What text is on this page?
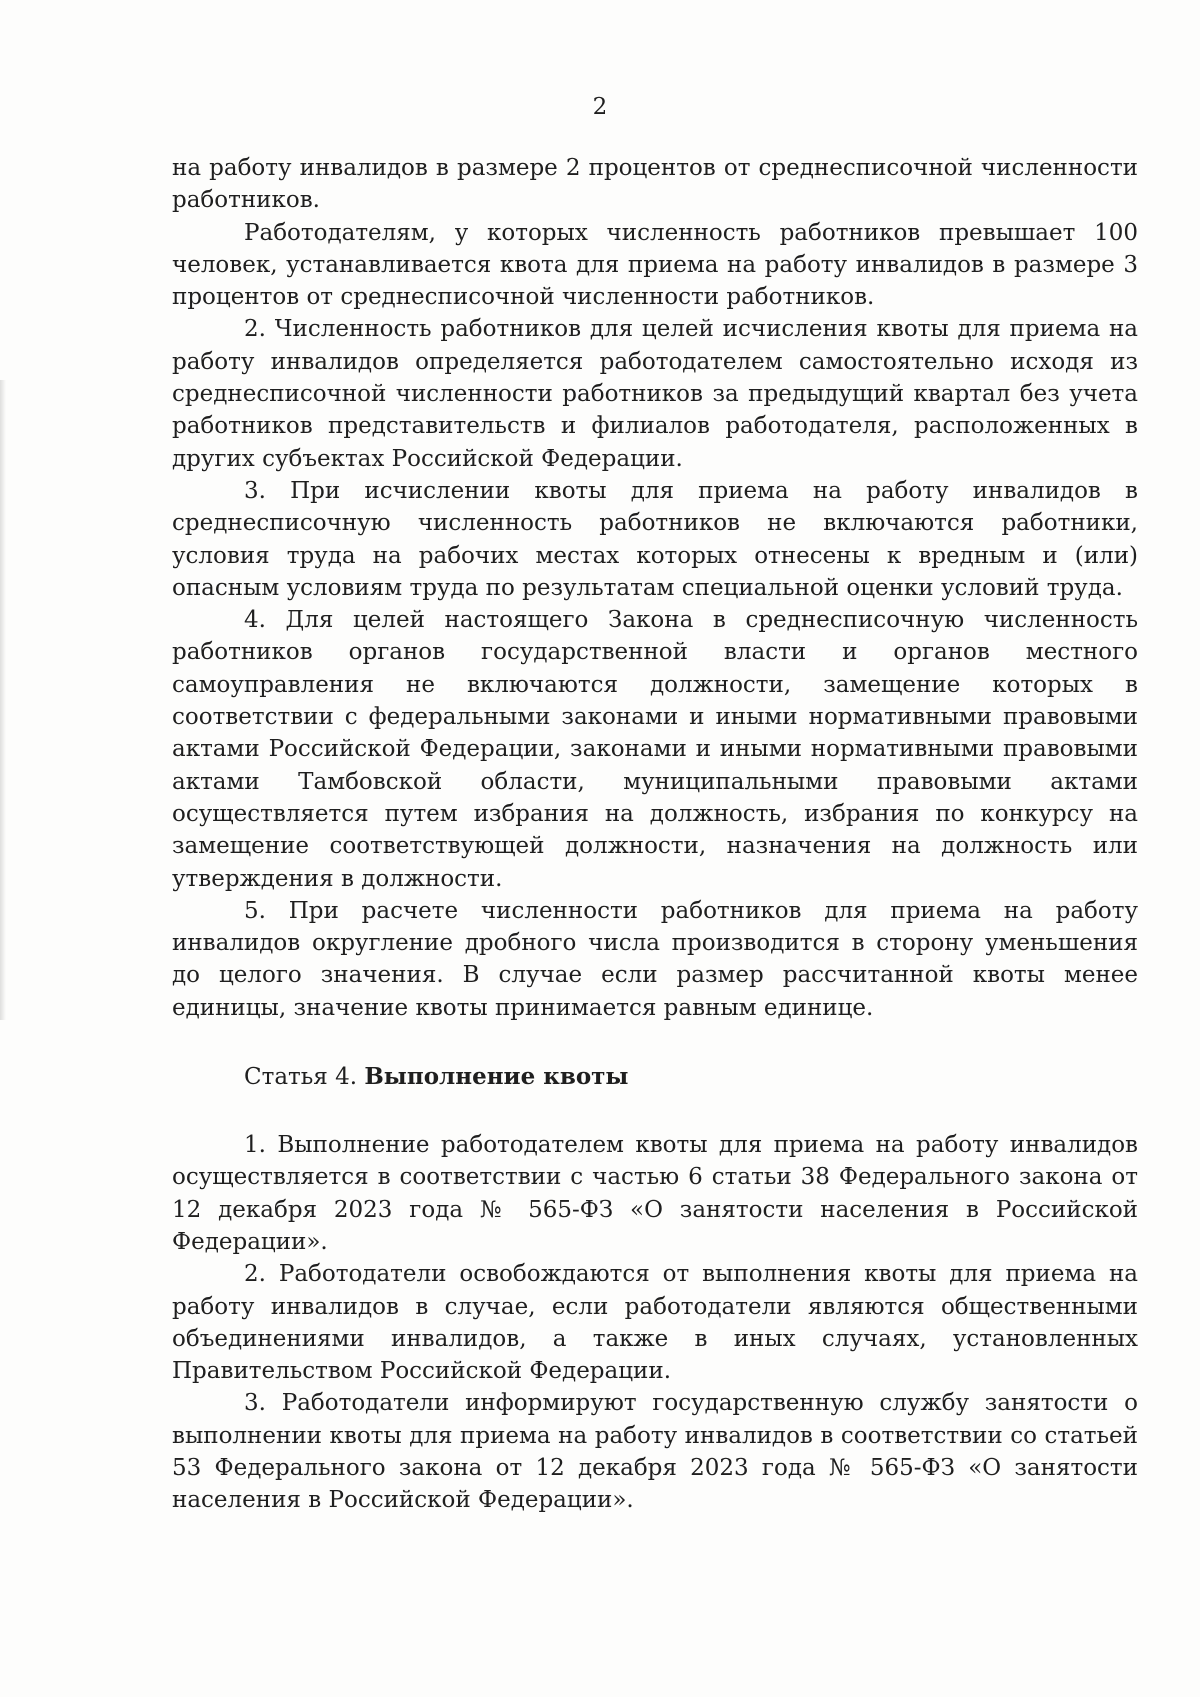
2

на работу инвалидов в размере 2 процентов от среднесписочной численности работников.

Работодателям, у которых численность работников превышает 100 человек, устанавливается квота для приема на работу инвалидов в размере 3 процентов от среднесписочной численности работников.

2. Численность работников для целей исчисления квоты для приема на работу инвалидов определяется работодателем самостоятельно исходя из среднесписочной численности работников за предыдущий квартал без учета работников представительств и филиалов работодателя, расположенных в других субъектах Российской Федерации.

3. При исчислении квоты для приема на работу инвалидов в среднесписочную численность работников не включаются работники, условия труда на рабочих местах которых отнесены к вредным и (или) опасным условиям труда по результатам специальной оценки условий труда.

4. Для целей настоящего Закона в среднесписочную численность работников органов государственной власти и органов местного самоуправления не включаются должности, замещение которых в соответствии с федеральными законами и иными нормативными правовыми актами Российской Федерации, законами и иными нормативными правовыми актами Тамбовской области, муниципальными правовыми актами осуществляется путем избрания на должность, избрания по конкурсу на замещение соответствующей должности, назначения на должность или утверждения в должности.

5. При расчете численности работников для приема на работу инвалидов округление дробного числа производится в сторону уменьшения до целого значения. В случае если размер рассчитанной квоты менее единицы, значение квоты принимается равным единице.

Статья 4. Выполнение квоты

1. Выполнение работодателем квоты для приема на работу инвалидов осуществляется в соответствии с частью 6 статьи 38 Федерального закона от 12 декабря 2023 года № 565-ФЗ «О занятости населения в Российской Федерации».

2. Работодатели освобождаются от выполнения квоты для приема на работу инвалидов в случае, если работодатели являются общественными объединениями инвалидов, а также в иных случаях, установленных Правительством Российской Федерации.

3. Работодатели информируют государственную службу занятости о выполнении квоты для приема на работу инвалидов в соответствии со статьей 53 Федерального закона от 12 декабря 2023 года № 565-ФЗ «О занятости населения в Российской Федерации».
